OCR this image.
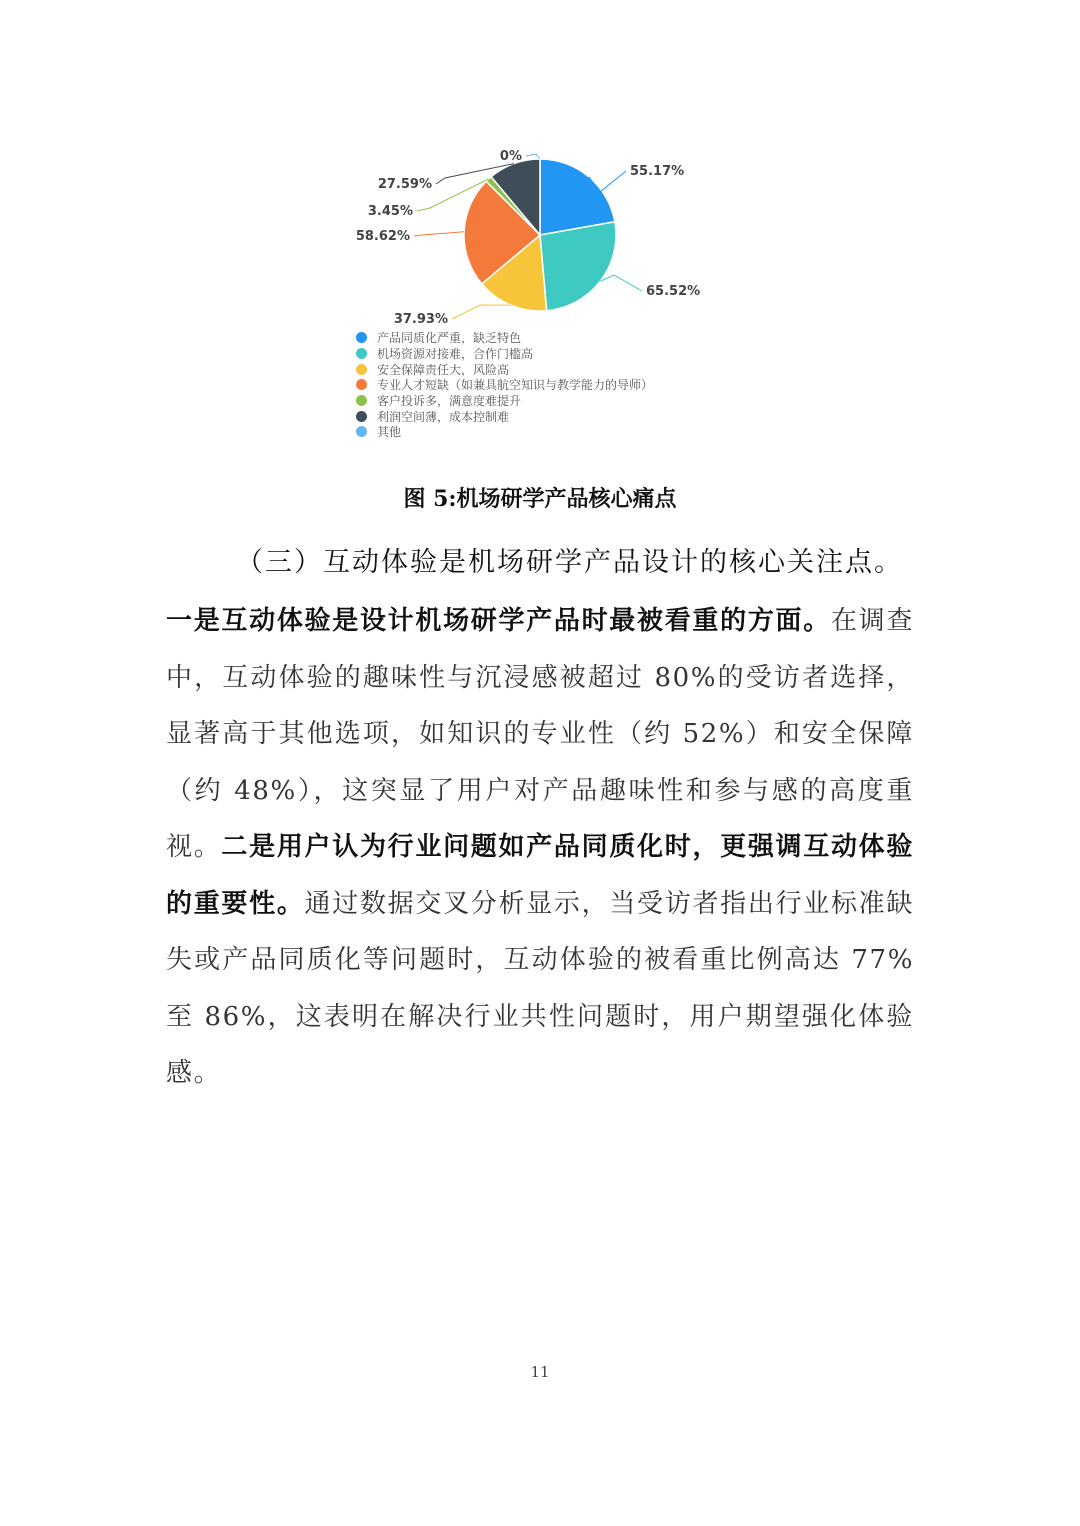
55.17%
65.52%
37.93%
58.62%
3.45%
27.59%
0%
产品同质化严重，缺乏特色
机场资源对接难，合作门槛高
安全保障责任大，风险高
专业人才短缺（如兼具航空知识与教学能力的导师）
客户投诉多，满意度难提升
利润空间薄，成本控制难
其他
图 5:机场研学产品核心痛点
（三）互动体验是机场研学产品设计的核心关注点。
一是互动体验是设计机场研学产品时最被看重的方面。在调查中，互动体验的趣味性与沉浸感被超过 80%的受访者选择，显著高于其他选项，如知识的专业性（约 52%）和安全保障（约 48%），这突显了用户对产品趣味性和参与感的高度重视。二是用户认为行业问题如产品同质化时，更强调互动体验的重要性。通过数据交叉分析显示，当受访者指出行业标准缺失或产品同质化等问题时，互动体验的被看重比例高达 77%至 86%，这表明在解决行业共性问题时，用户期望强化体验感。
11
